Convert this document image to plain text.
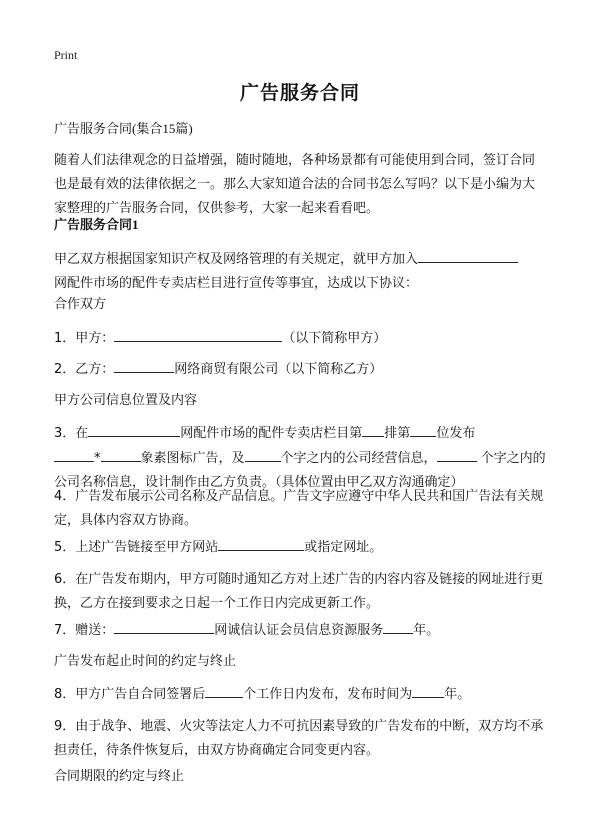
Print
广告服务合同

广告服务合同(集合15篇)

随着人们法律观念的日益增强，随时随地，各种场景都有可能使用到合同，签订合同也是最有效的法律依据之一。那么大家知道合法的合同书怎么写吗？以下是小编为大家整理的广告服务合同，仅供参考，大家一起来看看吧。

广告服务合同1

甲乙双方根据国家知识产权及网络管理的有关规定，就甲方加入
网配件市场的配件专卖店栏目进行宣传等事宜，达成以下协议：

合作双方

1．甲方：	（以下简称甲方）

2．乙方：	网络商贸有限公司（以下简称乙方）

甲方公司信息位置及内容

3．在	网配件市场的配件专卖店栏目第 排第 位发布
*	象素图标广告，及	个字之内的公司经营信息，	个字之内的公司名称信息，设计制作由乙方负责。（具体位置由甲乙双方沟通确定）

4．广告发布展示公司名称及产品信息。广告文字应遵守中华人民共和国广告法有关规定，具体内容双方协商。

5．上述广告链接至甲方网站	或指定网址。

6．在广告发布期内，甲方可随时通知乙方对上述广告的内容内容及链接的网址进行更换，乙方在接到要求之日起一个工作日内完成更新工作。

7．赠送：	网诚信认证会员信息资源服务 年。

广告发布起止时间的约定与终止

8．甲方广告自合同签署后	个工作日内发布，发布时间为 年。

9．由于战争、地震、火灾等法定人力不可抗因素导致的广告发布的中断，双方均不承担责任，待条件恢复后，由双方协商确定合同变更内容。

合同期限的约定与终止
